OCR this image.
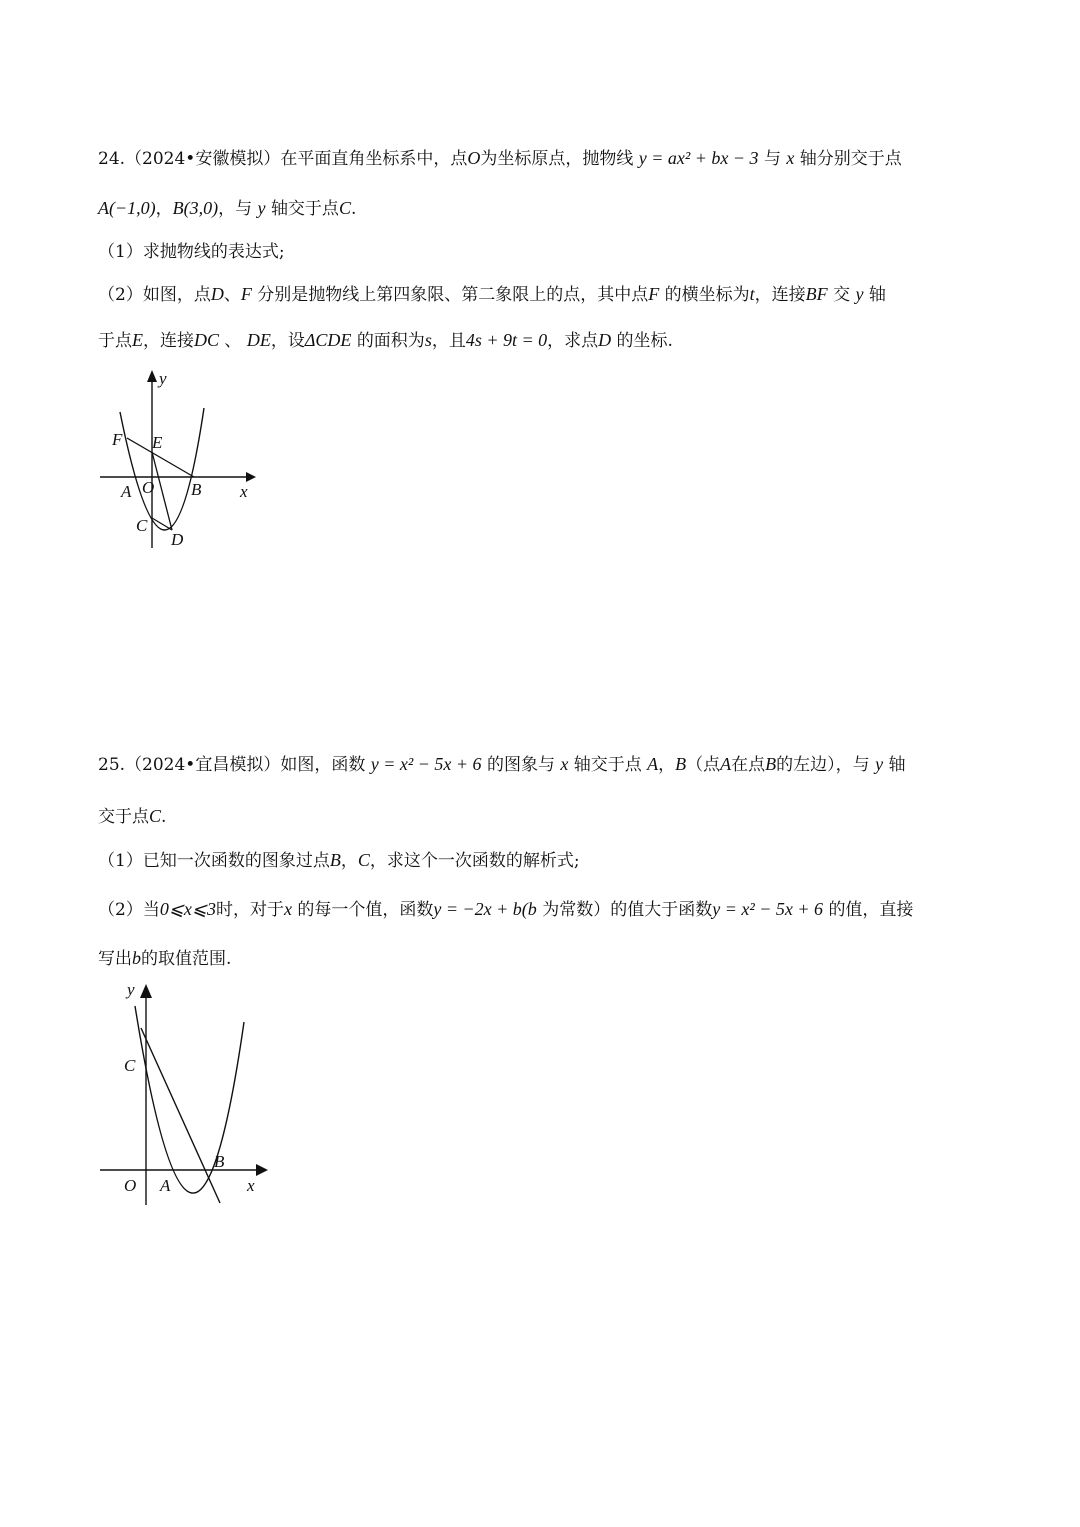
24.（2024•安徽模拟）在平面直角坐标系中，点O为坐标原点，抛物线 y = ax² + bx − 3 与 x 轴分别交于点
A(−1,0)，B(3,0)，与 y 轴交于点C.
（1）求抛物线的表达式;
（2）如图，点D、F 分别是抛物线上第四象限、第二象限上的点，其中点F 的横坐标为t，连接BF 交 y 轴
于点E，连接DC 、 DE，设ΔCDE 的面积为s，且4s + 9t = 0，求点D 的坐标.
y
F E
A O B x
C
D
25.（2024•宜昌模拟）如图，函数 y = x² − 5x + 6 的图象与 x 轴交于点 A，B（点A在点B的左边），与 y 轴
交于点C.
（1）已知一次函数的图象过点B，C，求这个一次函数的解析式;
（2）当0⩽x⩽3时，对于x 的每一个值，函数y = −2x + b(b 为常数）的值大于函数y = x² − 5x + 6 的值，直接
写出b的取值范围.
y
C
B
O A	x
